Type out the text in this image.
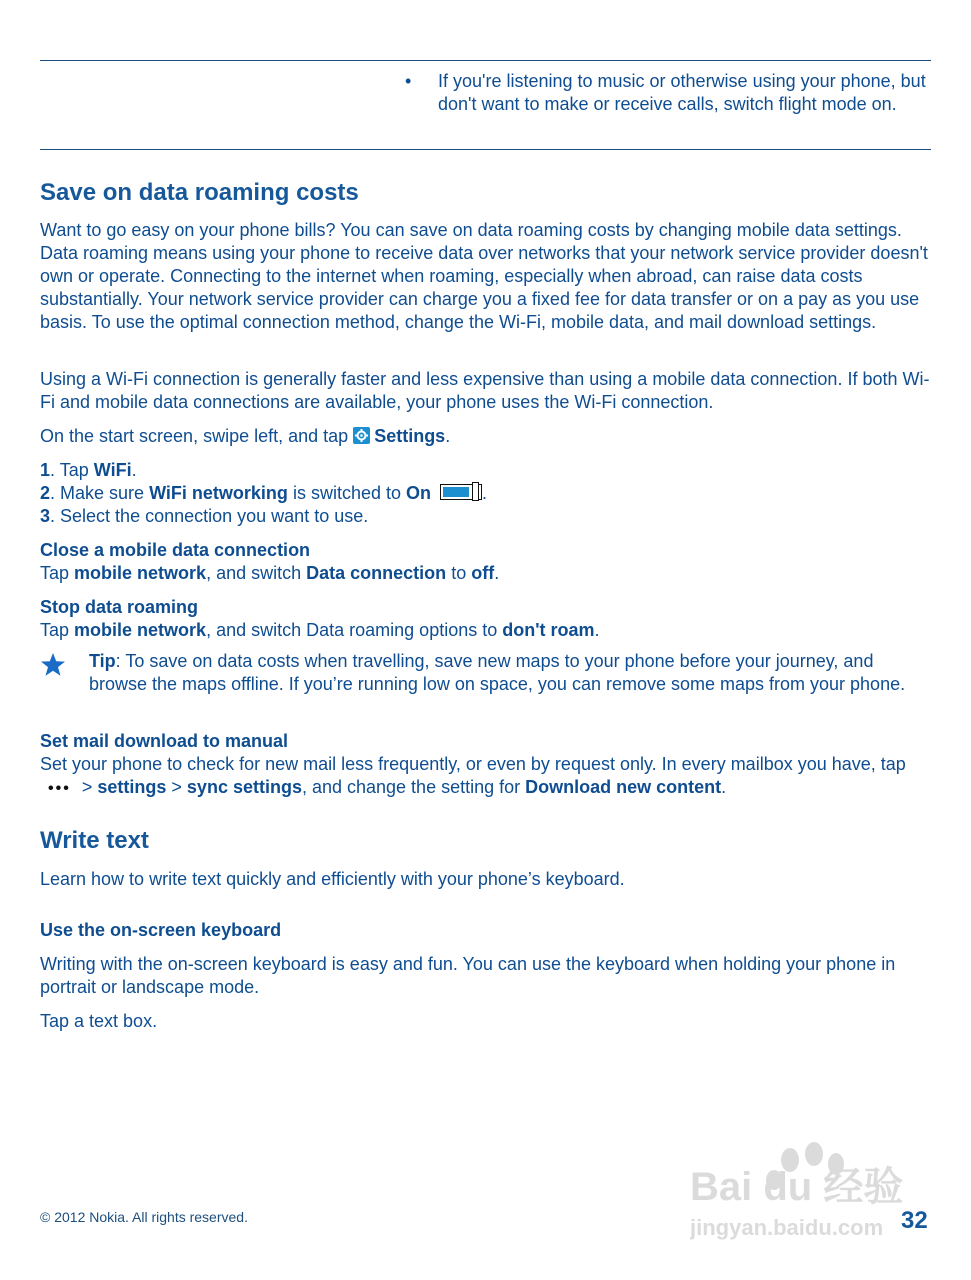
• If you're listening to music or otherwise using your phone, but don't want to make or receive calls, switch flight mode on.
Save on data roaming costs

Want to go easy on your phone bills? You can save on data roaming costs by changing mobile data settings. Data roaming means using your phone to receive data over networks that your network service provider doesn't own or operate. Connecting to the internet when roaming, especially when abroad, can raise data costs substantially. Your network service provider can charge you a fixed fee for data transfer or on a pay as you use basis. To use the optimal connection method, change the Wi-Fi, mobile data, and mail download settings.

Using a Wi-Fi connection is generally faster and less expensive than using a mobile data connection. If both Wi-Fi and mobile data connections are available, your phone uses the Wi-Fi connection.

On the start screen, swipe left, and tap Settings.

1. Tap WiFi.

2. Make sure WiFi networking is switched to On	.

3. Select the connection you want to use.

Close a mobile data connection

Tap mobile network, and switch Data connection to off.

Stop data roaming

Tap mobile network, and switch Data roaming options to don't roam.

Tip: To save on data costs when travelling, save new maps to your phone before your journey, and browse the maps offline. If you’re running low on space, you can remove some maps from your phone.

Set mail download to manual

Set your phone to check for new mail less frequently, or even by request only. In every mailbox you have, tap••• > settings > sync settings, and change the setting for Download new content.

Write text

Learn how to write text quickly and efficiently with your phone’s keyboard.

Use the on-screen keyboard

Writing with the on-screen keyboard is easy and fun. You can use the keyboard when holding your phone in portrait or landscape mode.

Tap a text box.

Bai du 经验
jingyan.baidu.com
© 2012 Nokia. All rights reserved.	32
